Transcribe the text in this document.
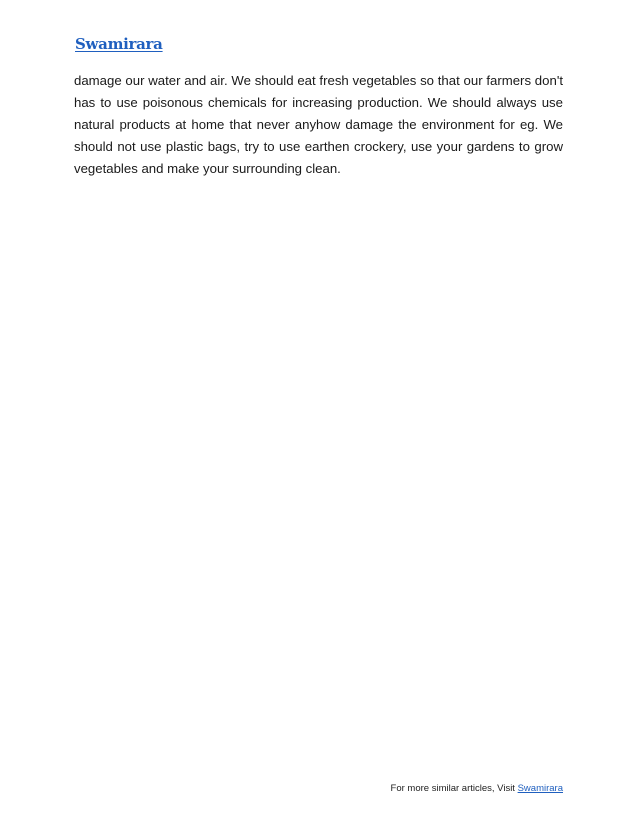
Swamirara
damage our water and air. We should eat fresh vegetables so that our farmers don't has to use poisonous chemicals for increasing production. We should always use natural products at home that never anyhow damage the environment for eg. We should not use plastic bags, try to use earthen crockery, use your gardens to grow vegetables and make your surrounding clean.
For more similar articles, Visit Swamirara
